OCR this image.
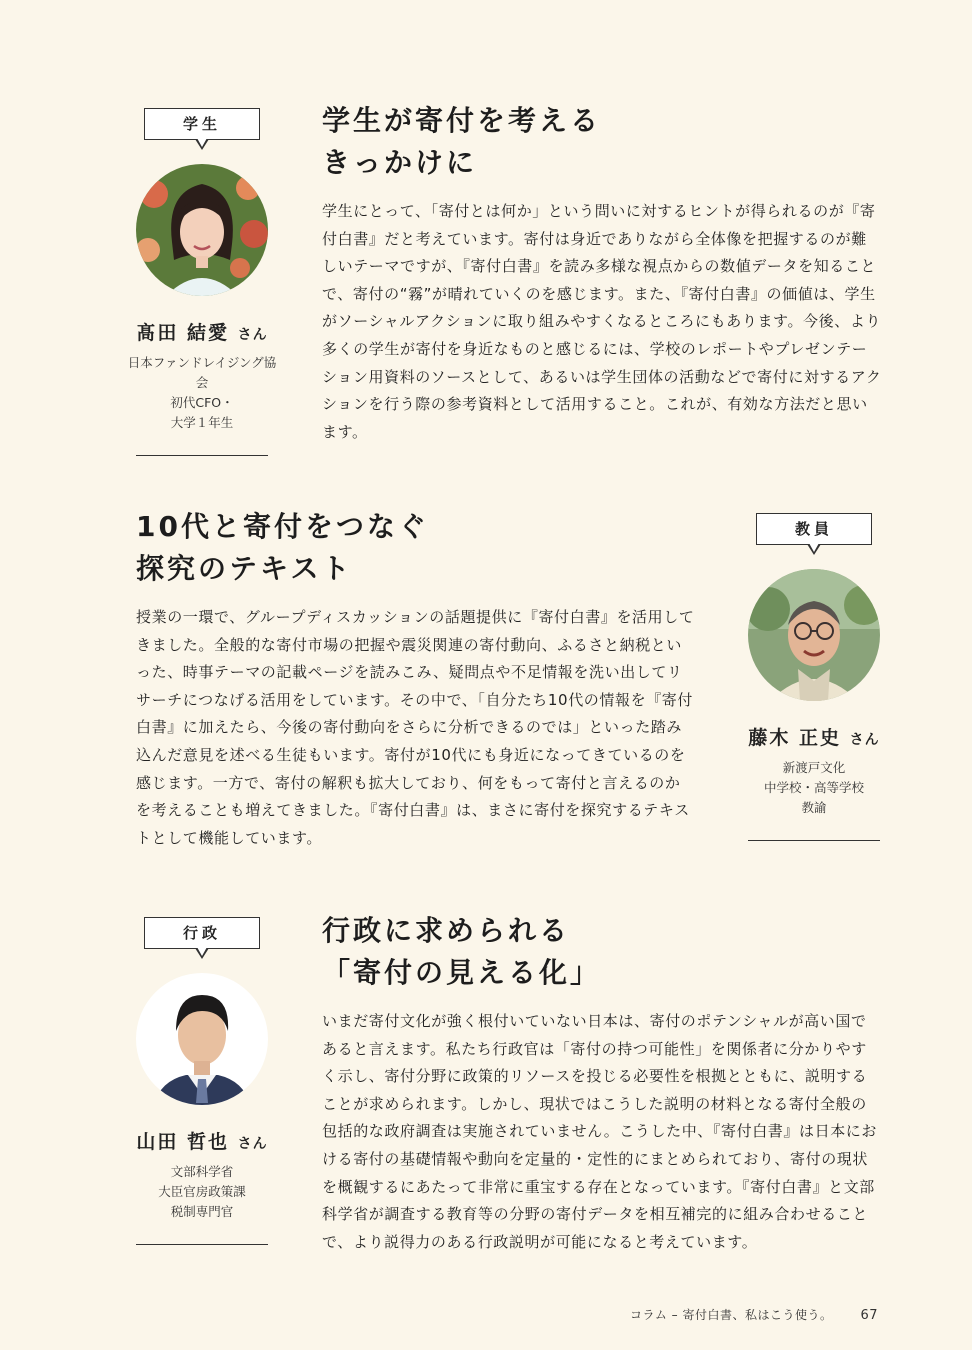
学生
髙田 結愛 さん
日本ファンドレイジング協会
初代CFO・
大学１年生
学生が寄付を考える
きっかけに
学生にとって、「寄付とは何か」という問いに対するヒントが得られるのが『寄付白書』だと考えています。寄付は身近でありながら全体像を把握するのが難しいテーマですが、『寄付白書』を読み多様な視点からの数値データを知ることで、寄付の“霧”が晴れていくのを感じます。また、『寄付白書』の価値は、学生がソーシャルアクションに取り組みやすくなるところにもあります。今後、より多くの学生が寄付を身近なものと感じるには、学校のレポートやプレゼンテーション用資料のソースとして、あるいは学生団体の活動などで寄付に対するアクションを行う際の参考資料として活用すること。これが、有効な方法だと思います。
10代と寄付をつなぐ
探究のテキスト
授業の一環で、グループディスカッションの話題提供に『寄付白書』を活用してきました。全般的な寄付市場の把握や震災関連の寄付動向、ふるさと納税といった、時事テーマの記載ページを読みこみ、疑問点や不足情報を洗い出してリサーチにつなげる活用をしています。その中で、「自分たち10代の情報を『寄付白書』に加えたら、今後の寄付動向をさらに分析できるのでは」といった踏み込んだ意見を述べる生徒もいます。寄付が10代にも身近になってきているのを感じます。一方で、寄付の解釈も拡大しており、何をもって寄付と言えるのかを考えることも増えてきました。『寄付白書』は、まさに寄付を探究するテキストとして機能しています。
教員
藤木 正史 さん
新渡戸文化
中学校・高等学校
教諭
行政
山田 哲也 さん
文部科学省
大臣官房政策課
税制専門官
行政に求められる
「寄付の見える化」
いまだ寄付文化が強く根付いていない日本は、寄付のポテンシャルが高い国であると言えます。私たち行政官は「寄付の持つ可能性」を関係者に分かりやすく示し、寄付分野に政策的リソースを投じる必要性を根拠とともに、説明することが求められます。しかし、現状ではこうした説明の材料となる寄付全般の包括的な政府調査は実施されていません。こうした中、『寄付白書』は日本における寄付の基礎情報や動向を定量的・定性的にまとめられており、寄付の現状を概観するにあたって非常に重宝する存在となっています。『寄付白書』と文部科学省が調査する教育等の分野の寄付データを相互補完的に組み合わせることで、より説得力のある行政説明が可能になると考えています。
コラム – 寄付白書、私はこう使う。 67
